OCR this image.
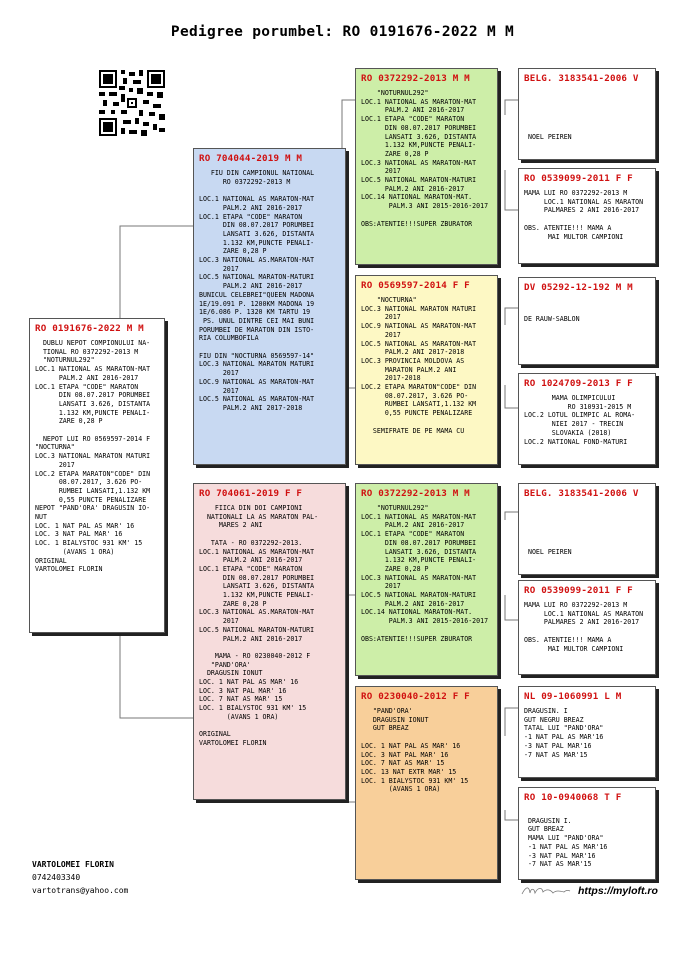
Pedigree porumbel: RO 0191676-2022 M M
RO 0191676-2022 M M
DUBLU NEPOT COMPIONULUI NA-
TIONAL RO 0372292-2013 M
"NOTURNUL292"
LOC.1 NATIONAL AS MARATON-MAT
PALM.2 ANI 2016-2017
LOC.1 ETAPA "CODE" MARATON
DIN 08.07.2017 PORUMBEI
LANSATI 3.626, DISTANTA
1.132 KM,PUNCTE PENALI-
ZARE 0,28 P

NEPOT LUI RO 0569597-2014 F
"NOCTURNA"
LOC.3 NATIONAL MARATON MATURI
2017
LOC.2 ETAPA MARATON"CODE" DIN
08.07.2017, 3.626 PO-
RUMBEI LANSATI,1.132 KM
0,55 PUNCTE PENALIZARE
NEPOT "PAND'ORA' DRAGUSIN IO-
NUT
LOC. 1 NAT PAL AS MAR' 16
LOC. 3 NAT PAL MAR' 16
LOC. 1 BIALYSTOC 931 KM' 15
(AVANS 1 ORA)
ORIGINAL
VARTOLOMEI FLORIN
RO 704044-2019 M M
FIU DIN CAMPIONUL NATIONAL
RO 0372292-2013 M

LOC.1 NATIONAL AS MARATON-MAT
PALM.2 ANI 2016-2017
LOC.1 ETAPA "CODE" MARATON
DIN 08.07.2017 PORUMBEI
LANSATI 3.626, DISTANTA
1.132 KM,PUNCTE PENALI-
ZARE 0,28 P
LOC.3 NATIONAL AS.MARATON-MAT
2017
LOC.5 NATIONAL MARATON-MATURI
PALM.2 ANI 2016-2017
BUNICUL CELEBREI"QUEEN MADONA
1E/19.091 P. 1200KM MADONA 19
1E/6.086 P. 1320 KM TARTU 19
PS. UNUL DINTRE CEI MAI BUNI
PORUMBEI DE MARATON DIN ISTO-
RIA COLUMBOFILA

FIU DIN "NOCTURNA 0569597-14"
LOC.3 NATIONAL MARATON MATURI
2017
LOC.9 NATIONAL AS MARATON-MAT
2017
LOC.5 NATIONAL AS MARATON-MAT
PALM.2 ANI 2017-2018
RO 704061-2019 F F
FIICA DIN DOI CAMPIONI
NATIONALI LA AS MARATON PAL-
MARES 2 ANI

TATA - RO 0372292-2013.
LOC.1 NATIONAL AS MARATON-MAT
PALM.2 ANI 2016-2017
LOC.1 ETAPA "CODE" MARATON
DIN 08.07.2017 PORUMBEI
LANSATI 3.626, DISTANTA
1.132 KM,PUNCTE PENALI-
ZARE 0,28 P
LOC.3 NATIONAL AS.MARATON-MAT
2017
LOC.5 NATIONAL MARATON-MATURI
PALM.2 ANI 2016-2017

MAMA - RO 0230040-2012 F
"PAND'ORA'
DRAGUSIN IONUT
LOC. 1 NAT PAL AS MAR' 16
LOC. 3 NAT PAL MAR' 16
LOC. 7 NAT AS MAR' 15
LOC. 1 BIALYSTOC 931 KM' 15
(AVANS 1 ORA)

ORIGINAL
VARTOLOMEI FLORIN
RO 0372292-2013 M M
"NOTURNUL292"
LOC.1 NATIONAL AS MARATON-MAT
PALM.2 ANI 2016-2017
LOC.1 ETAPA "CODE" MARATON
DIN 08.07.2017 PORUMBEI
LANSATI 3.626, DISTANTA
1.132 KM,PUNCTE PENALI-
ZARE 0,28 P
LOC.3 NATIONAL AS MARATON-MAT
2017
LOC.5 NATIONAL MARATON-MATURI
PALM.2 ANI 2016-2017
LOC.14 NATIONAL MARATON-MAT.
PALM.3 ANI 2015-2016-2017

OBS:ATENTIE!!!SUPER ZBURATOR
RO 0569597-2014 F F
"NOCTURNA"
LOC.3 NATIONAL MARATON MATURI
2017
LOC.9 NATIONAL AS MARATON-MAT
2017
LOC.5 NATIONAL AS MARATON-MAT
PALM.2 ANI 2017-2018
LOC.3 PROVINCIA MOLDOVA AS
MARATON PALM.2 ANI
2017-2018
LOC.2 ETAPA MARATON"CODE" DIN
08.07.2017, 3.626 PO-
RUMBEI LANSATI,1.132 KM
0,55 PUNCTE PENALIZARE

SEMIFRATE DE PE MAMA CU
RO 0372292-2013 M M
"NOTURNUL292"
LOC.1 NATIONAL AS MARATON-MAT
PALM.2 ANI 2016-2017
LOC.1 ETAPA "CODE" MARATON
DIN 08.07.2017 PORUMBEI
LANSATI 3.626, DISTANTA
1.132 KM,PUNCTE PENALI-
ZARE 0,28 P
LOC.3 NATIONAL AS MARATON-MAT
2017
LOC.5 NATIONAL MARATON-MATURI
PALM.2 ANI 2016-2017
LOC.14 NATIONAL MARATON-MAT.
PALM.3 ANI 2015-2016-2017

OBS:ATENTIE!!!SUPER ZBURATOR
RO 0230040-2012 F F
"PAND'ORA'
DRAGUSIN IONUT
GUT BREAZ

LOC. 1 NAT PAL AS MAR' 16
LOC. 3 NAT PAL MAR' 16
LOC. 7 NAT AS MAR' 15
LOC. 13 NAT EXTR MAR' 15
LOC. 1 BIALYSTOC 931 KM' 15
(AVANS 1 ORA)
BELG. 3183541-2006 V

NOEL PEIREN
RO 0539099-2011 F F
MAMA LUI RO 0372292-2013 M
LOC.1 NATIONAL AS MARATON
PALMARES 2 ANI 2016-2017

OBS. ATENTIE!!! MAMA A
MAI MULTOR CAMPIONI
DV 05292-12-192 M M

DE RAUW-SABLON
RO 1024709-2013 F F
MAMA OLIMPICULUI
RO 310931-2015 M
LOC.2 LOTUL OLIMPIC AL ROMA-
NIEI 2017 - TRECIN
SLOVAKIA (2018)
LOC.2 NATIONAL FOND-MATURI
BELG. 3183541-2006 V

NOEL PEIREN
RO 0539099-2011 F F
MAMA LUI RO 0372292-2013 M
LOC.1 NATIONAL AS MARATON
PALMARES 2 ANI 2016-2017

OBS. ATENTIE!!! MAMA A
MAI MULTOR CAMPIONI
NL 09-1060991 L M
DRAGUSIN. I
GUT NEGRU BREAZ
TATAL LUI "PAND'ORA"
-1 NAT PAL AS MAR'16
-3 NAT PAL MAR'16
-7 NAT AS MAR'15
RO 10-0940068 T F

DRAGUSIN I.
GUT BREAZ
MAMA LUI "PAND'ORA"
-1 NAT PAL AS MAR'16
-3 NAT PAL MAR'16
-7 NAT AS MAR'15
VARTOLOMEI FLORIN
0742403340
vartotrans@yahoo.com	https://myloft.ro
